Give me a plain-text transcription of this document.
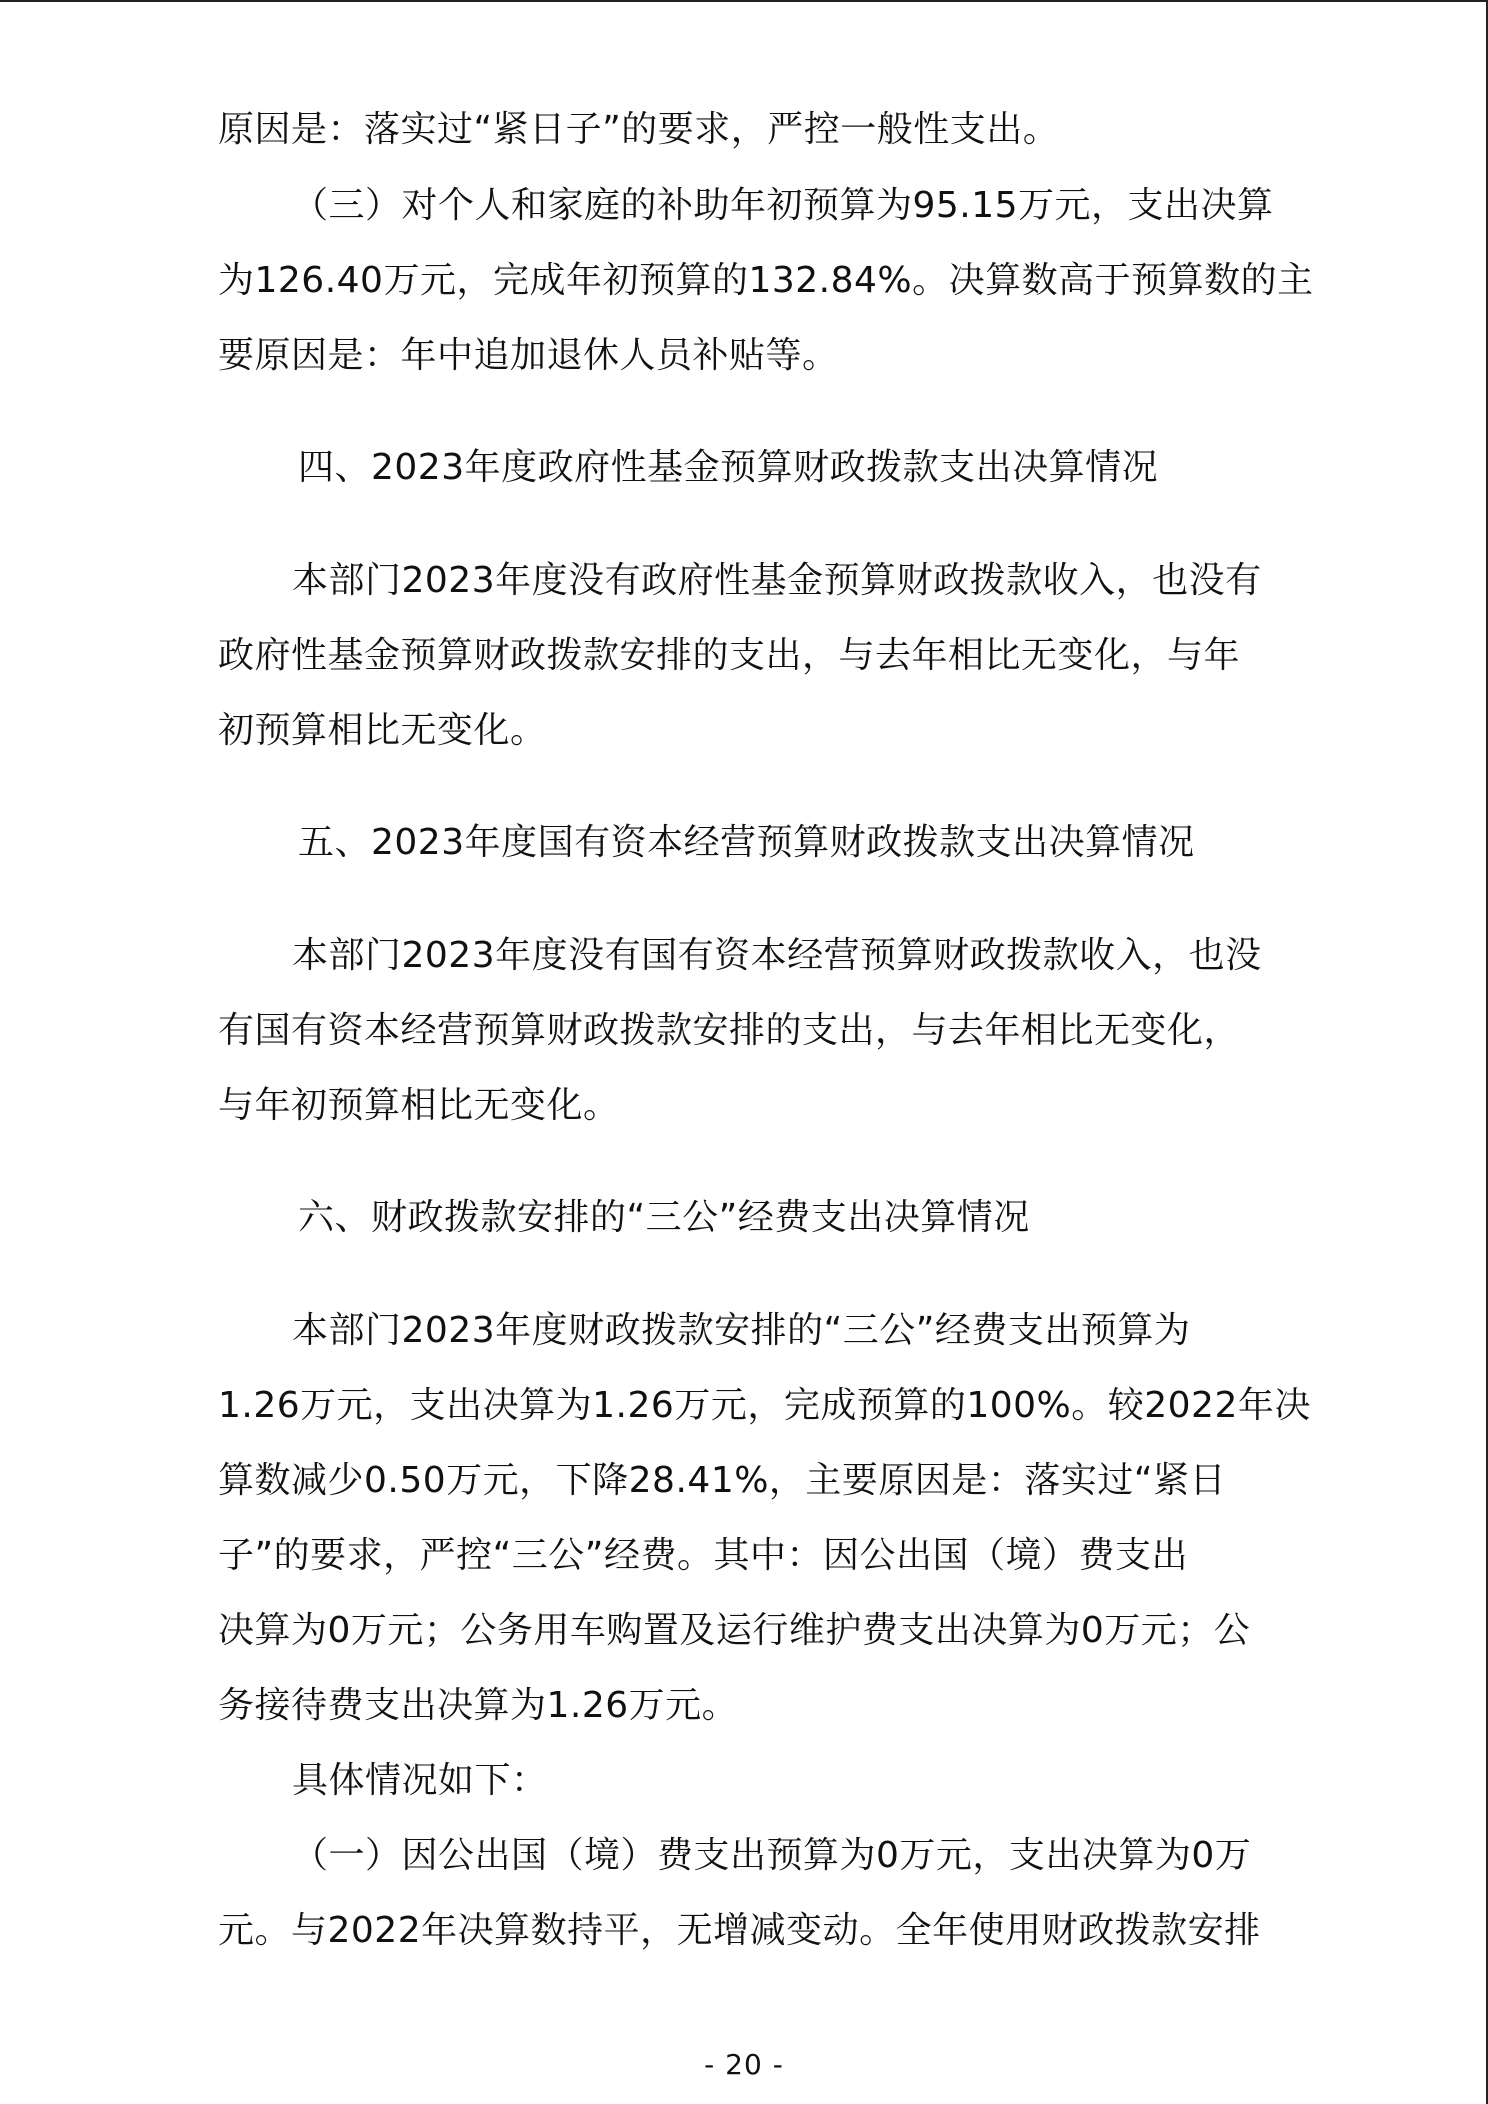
原因是：落实过“紧日子”的要求，严控一般性支出。
（三）对个人和家庭的补助年初预算为95.15万元，支出决算
为126.40万元，完成年初预算的132.84%。决算数高于预算数的主
要原因是：年中追加退休人员补贴等。
四、2023年度政府性基金预算财政拨款支出决算情况
本部门2023年度没有政府性基金预算财政拨款收入，也没有
政府性基金预算财政拨款安排的支出，与去年相比无变化，与年
初预算相比无变化。
五、2023年度国有资本经营预算财政拨款支出决算情况
本部门2023年度没有国有资本经营预算财政拨款收入，也没
有国有资本经营预算财政拨款安排的支出，与去年相比无变化，
与年初预算相比无变化。
六、财政拨款安排的“三公”经费支出决算情况
本部门2023年度财政拨款安排的“三公”经费支出预算为
1.26万元，支出决算为1.26万元，完成预算的100%。较2022年决
算数减少0.50万元，下降28.41%，主要原因是：落实过“紧日
子”的要求，严控“三公”经费。其中：因公出国（境）费支出
决算为0万元；公务用车购置及运行维护费支出决算为0万元；公
务接待费支出决算为1.26万元。
具体情况如下：
（一）因公出国（境）费支出预算为0万元，支出决算为0万
元。与2022年决算数持平，无增减变动。全年使用财政拨款安排
- 20 -
